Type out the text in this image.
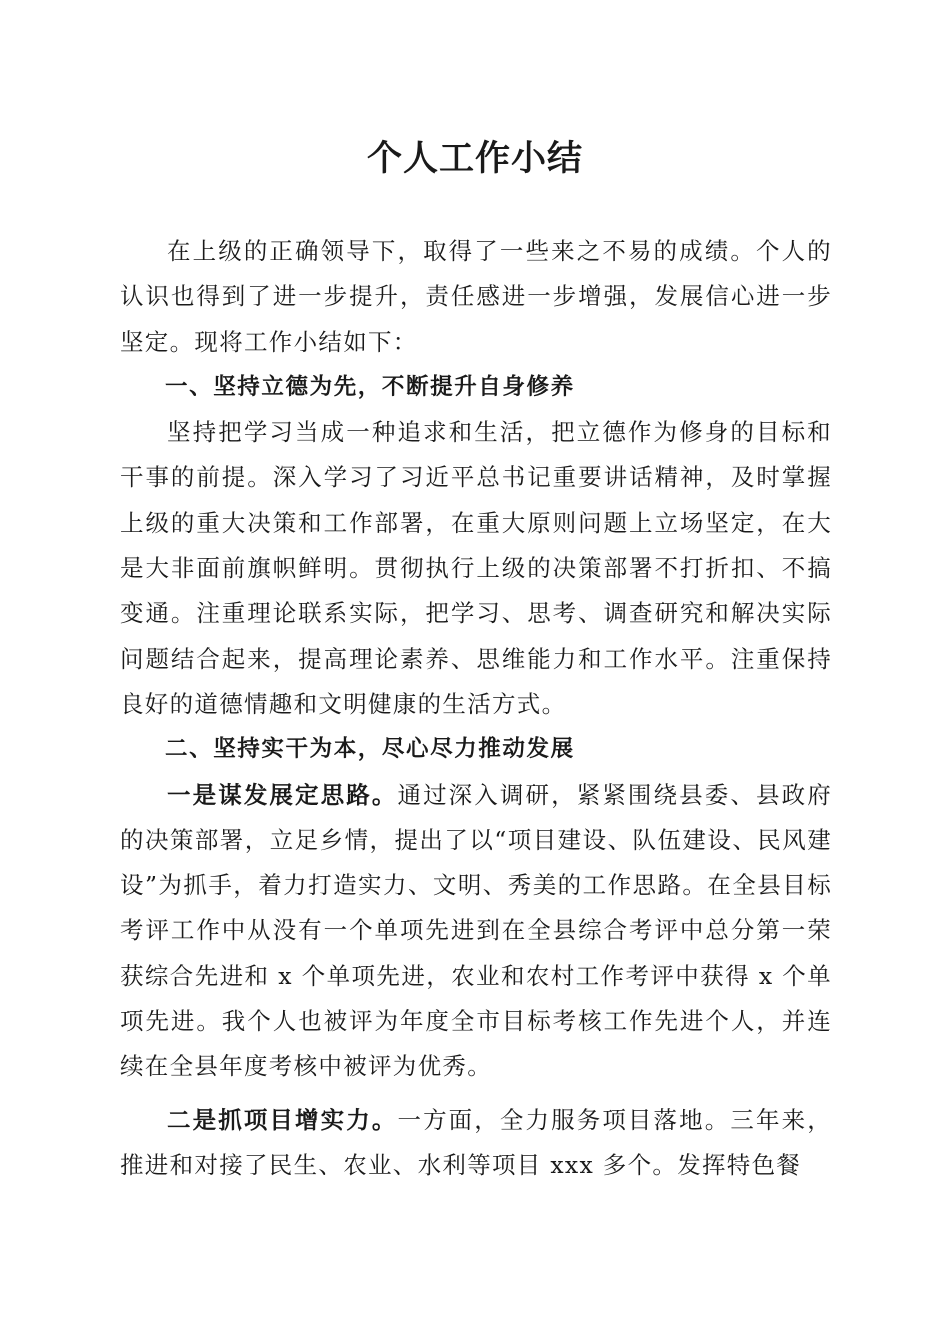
个人工作小结

在上级的正确领导下，取得了一些来之不易的成绩。个人的认识也得到了进一步提升，责任感进一步增强，发展信心进一步坚定。现将工作小结如下：

一、坚持立德为先，不断提升自身修养

坚持把学习当成一种追求和生活，把立德作为修身的目标和干事的前提。深入学习了习近平总书记重要讲话精神，及时掌握上级的重大决策和工作部署，在重大原则问题上立场坚定，在大是大非面前旗帜鲜明。贯彻执行上级的决策部署不打折扣、不搞变通。注重理论联系实际，把学习、思考、调查研究和解决实际问题结合起来，提高理论素养、思维能力和工作水平。注重保持良好的道德情趣和文明健康的生活方式。

二、坚持实干为本，尽心尽力推动发展

一是谋发展定思路。通过深入调研，紧紧围绕县委、县政府的决策部署，立足乡情，提出了以“项目建设、队伍建设、民风建设”为抓手，着力打造实力、文明、秀美的工作思路。在全县目标考评工作中从没有一个单项先进到在全县综合考评中总分第一荣获综合先进和 x 个单项先进，农业和农村工作考评中获得 x 个单项先进。我个人也被评为年度全市目标考核工作先进个人，并连续在全县年度考核中被评为优秀。

二是抓项目增实力。一方面，全力服务项目落地。三年来，推进和对接了民生、农业、水利等项目 xxx 多个。发挥特色餐
